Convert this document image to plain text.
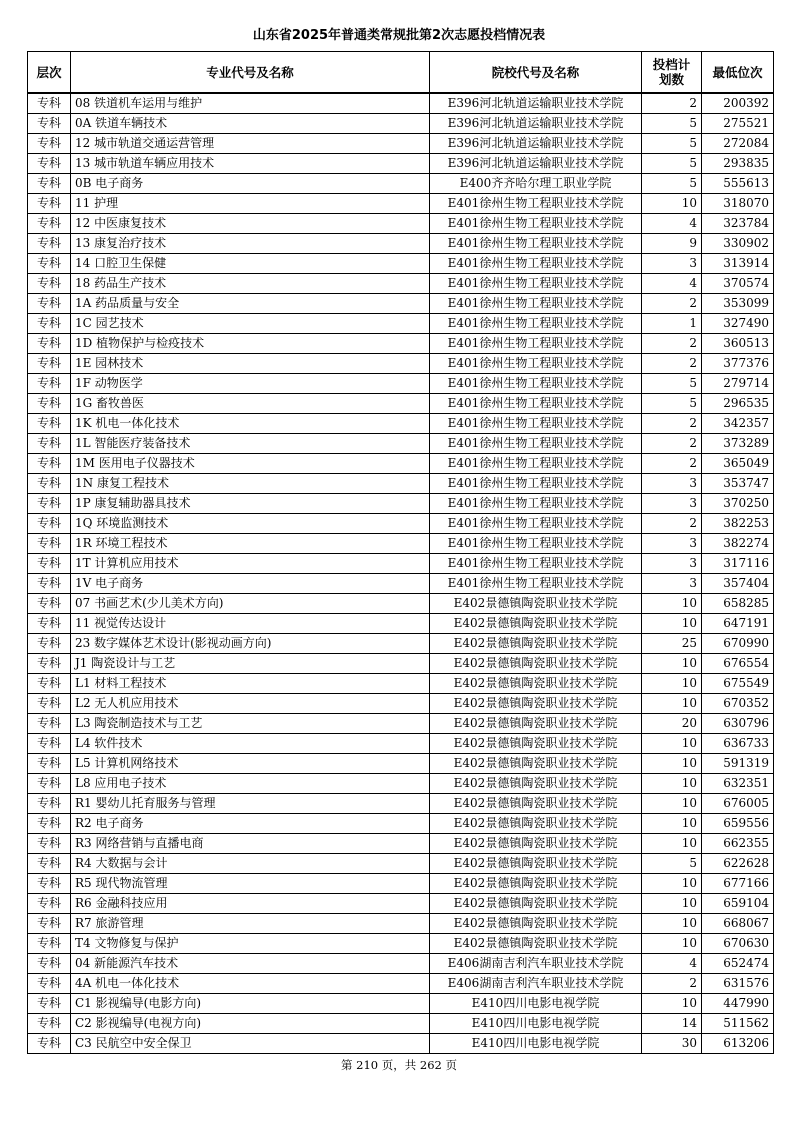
山东省2025年普通类常规批第2次志愿投档情况表
层次	专业代号及名称	院校代号及名称	投档计划数	最低位次
专科	08 铁道机车运用与维护	E396河北轨道运输职业技术学院	2	200392
专科	0A 铁道车辆技术	E396河北轨道运输职业技术学院	5	275521
专科	12 城市轨道交通运营管理	E396河北轨道运输职业技术学院	5	272084
专科	13 城市轨道车辆应用技术	E396河北轨道运输职业技术学院	5	293835
专科	0B 电子商务	E400齐齐哈尔理工职业学院	5	555613
专科	11 护理	E401徐州生物工程职业技术学院	10	318070
专科	12 中医康复技术	E401徐州生物工程职业技术学院	4	323784
专科	13 康复治疗技术	E401徐州生物工程职业技术学院	9	330902
专科	14 口腔卫生保健	E401徐州生物工程职业技术学院	3	313914
专科	18 药品生产技术	E401徐州生物工程职业技术学院	4	370574
专科	1A 药品质量与安全	E401徐州生物工程职业技术学院	2	353099
专科	1C 园艺技术	E401徐州生物工程职业技术学院	1	327490
专科	1D 植物保护与检疫技术	E401徐州生物工程职业技术学院	2	360513
专科	1E 园林技术	E401徐州生物工程职业技术学院	2	377376
专科	1F 动物医学	E401徐州生物工程职业技术学院	5	279714
专科	1G 畜牧兽医	E401徐州生物工程职业技术学院	5	296535
专科	1K 机电一体化技术	E401徐州生物工程职业技术学院	2	342357
专科	1L 智能医疗装备技术	E401徐州生物工程职业技术学院	2	373289
专科	1M 医用电子仪器技术	E401徐州生物工程职业技术学院	2	365049
专科	1N 康复工程技术	E401徐州生物工程职业技术学院	3	353747
专科	1P 康复辅助器具技术	E401徐州生物工程职业技术学院	3	370250
专科	1Q 环境监测技术	E401徐州生物工程职业技术学院	2	382253
专科	1R 环境工程技术	E401徐州生物工程职业技术学院	3	382274
专科	1T 计算机应用技术	E401徐州生物工程职业技术学院	3	317116
专科	1V 电子商务	E401徐州生物工程职业技术学院	3	357404
专科	07 书画艺术(少儿美术方向)	E402景德镇陶瓷职业技术学院	10	658285
专科	11 视觉传达设计	E402景德镇陶瓷职业技术学院	10	647191
专科	23 数字媒体艺术设计(影视动画方向)	E402景德镇陶瓷职业技术学院	25	670990
专科	J1 陶瓷设计与工艺	E402景德镇陶瓷职业技术学院	10	676554
专科	L1 材料工程技术	E402景德镇陶瓷职业技术学院	10	675549
专科	L2 无人机应用技术	E402景德镇陶瓷职业技术学院	10	670352
专科	L3 陶瓷制造技术与工艺	E402景德镇陶瓷职业技术学院	20	630796
专科	L4 软件技术	E402景德镇陶瓷职业技术学院	10	636733
专科	L5 计算机网络技术	E402景德镇陶瓷职业技术学院	10	591319
专科	L8 应用电子技术	E402景德镇陶瓷职业技术学院	10	632351
专科	R1 婴幼儿托育服务与管理	E402景德镇陶瓷职业技术学院	10	676005
专科	R2 电子商务	E402景德镇陶瓷职业技术学院	10	659556
专科	R3 网络营销与直播电商	E402景德镇陶瓷职业技术学院	10	662355
专科	R4 大数据与会计	E402景德镇陶瓷职业技术学院	5	622628
专科	R5 现代物流管理	E402景德镇陶瓷职业技术学院	10	677166
专科	R6 金融科技应用	E402景德镇陶瓷职业技术学院	10	659104
专科	R7 旅游管理	E402景德镇陶瓷职业技术学院	10	668067
专科	T4 文物修复与保护	E402景德镇陶瓷职业技术学院	10	670630
专科	04 新能源汽车技术	E406湖南吉利汽车职业技术学院	4	652474
专科	4A 机电一体化技术	E406湖南吉利汽车职业技术学院	2	631576
专科	C1 影视编导(电影方向)	E410四川电影电视学院	10	447990
专科	C2 影视编导(电视方向)	E410四川电影电视学院	14	511562
专科	C3 民航空中安全保卫	E410四川电影电视学院	30	613206
第 210 页，共 262 页
